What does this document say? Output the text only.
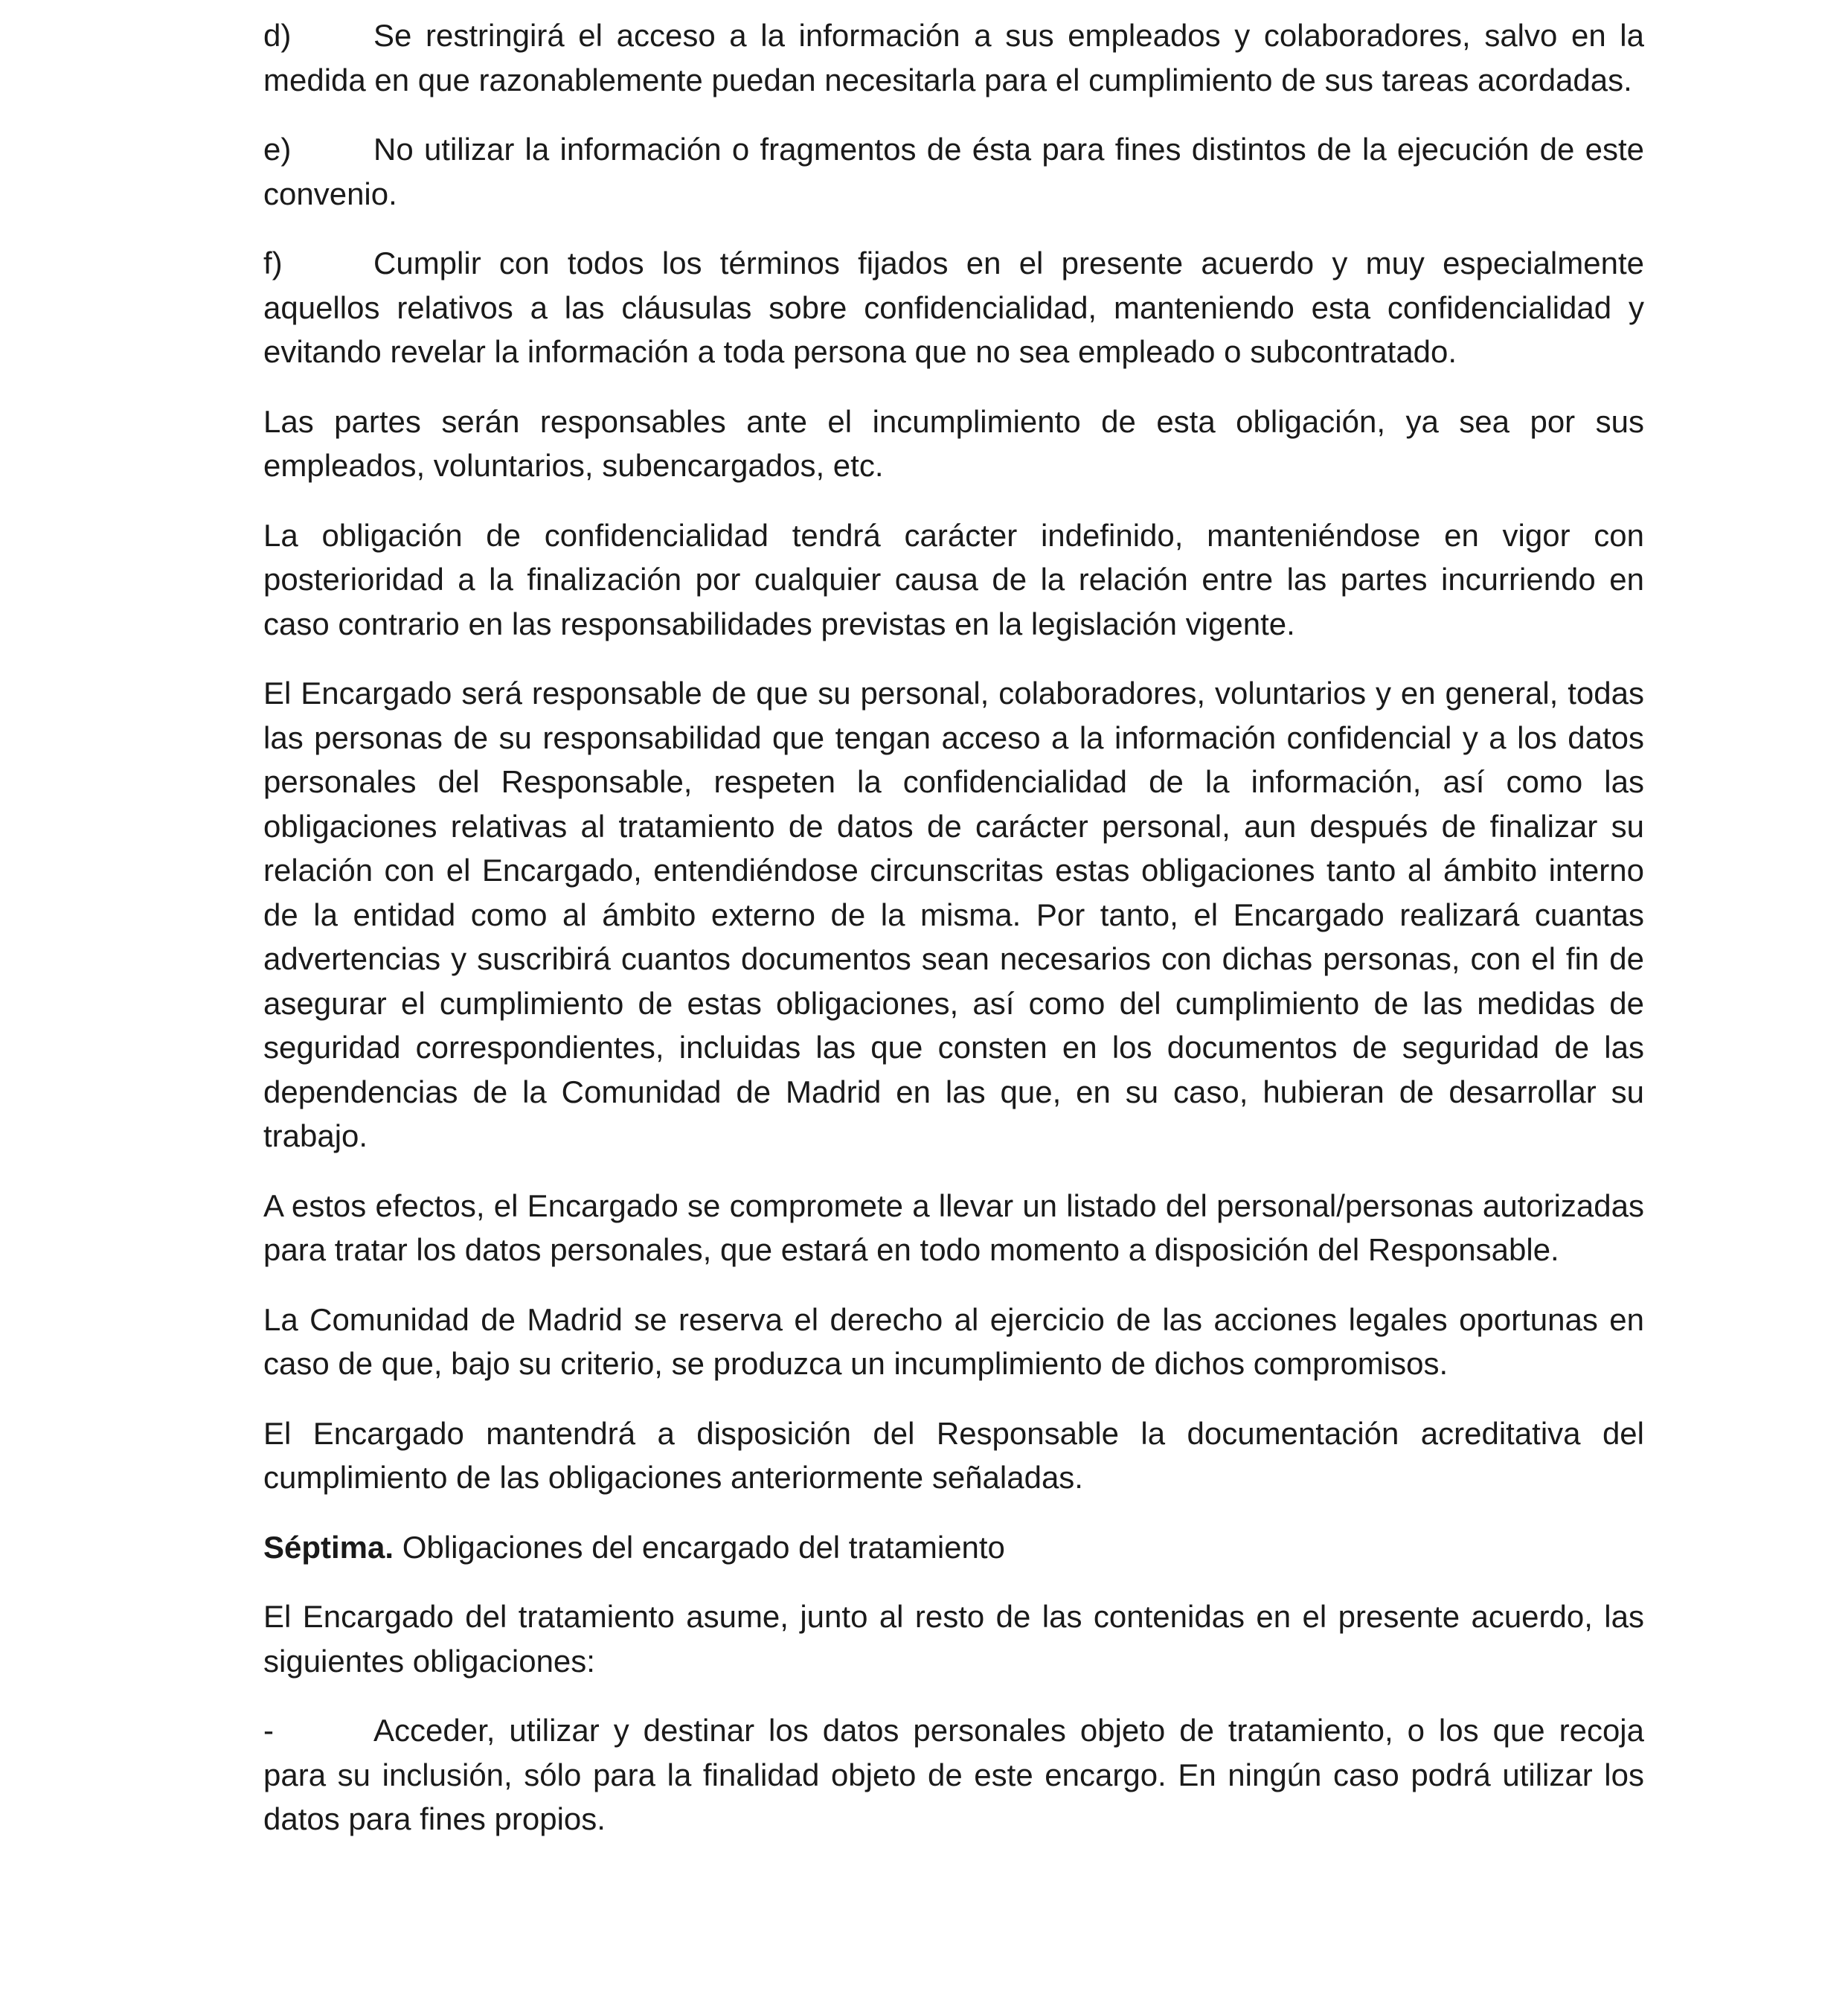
d)	Se restringirá el acceso a la información a sus empleados y colaboradores, salvo en la medida en que razonablemente puedan necesitarla para el cumplimiento de sus tareas acordadas.

e)	No utilizar la información o fragmentos de ésta para fines distintos de la ejecución de este convenio.

f)	Cumplir con todos los términos fijados en el presente acuerdo y muy especialmente aquellos relativos a las cláusulas sobre confidencialidad, manteniendo esta confidencialidad y evitando revelar la información a toda persona que no sea empleado o subcontratado.

Las partes serán responsables ante el incumplimiento de esta obligación, ya sea por sus empleados, voluntarios, subencargados, etc.

La obligación de confidencialidad tendrá carácter indefinido, manteniéndose en vigor con posterioridad a la finalización por cualquier causa de la relación entre las partes incurriendo en caso contrario en las responsabilidades previstas en la legislación vigente.

El Encargado será responsable de que su personal, colaboradores, voluntarios y en general, todas las personas de su responsabilidad que tengan acceso a la información confidencial y a los datos personales del Responsable, respeten la confidencialidad de la información, así como las obligaciones relativas al tratamiento de datos de carácter personal, aun después de finalizar su relación con el Encargado, entendiéndose circunscritas estas obligaciones tanto al ámbito interno de la entidad como al ámbito externo de la misma. Por tanto, el Encargado realizará cuantas advertencias y suscribirá cuantos documentos sean necesarios con dichas personas, con el fin de asegurar el cumplimiento de estas obligaciones, así como del cumplimiento de las medidas de seguridad correspondientes, incluidas las que consten en los documentos de seguridad de las dependencias de la Comunidad de Madrid en las que, en su caso, hubieran de desarrollar su trabajo.

A estos efectos, el Encargado se compromete a llevar un listado del personal/personas autorizadas para tratar los datos personales, que estará en todo momento a disposición del Responsable.

La Comunidad de Madrid se reserva el derecho al ejercicio de las acciones legales oportunas en caso de que, bajo su criterio, se produzca un incumplimiento de dichos compromisos.

El Encargado mantendrá a disposición del Responsable la documentación acreditativa del cumplimiento de las obligaciones anteriormente señaladas.

Séptima. Obligaciones del encargado del tratamiento

El Encargado del tratamiento asume, junto al resto de las contenidas en el presente acuerdo, las siguientes obligaciones:

-	Acceder, utilizar y destinar los datos personales objeto de tratamiento, o los que recoja para su inclusión, sólo para la finalidad objeto de este encargo. En ningún caso podrá utilizar los datos para fines propios.
